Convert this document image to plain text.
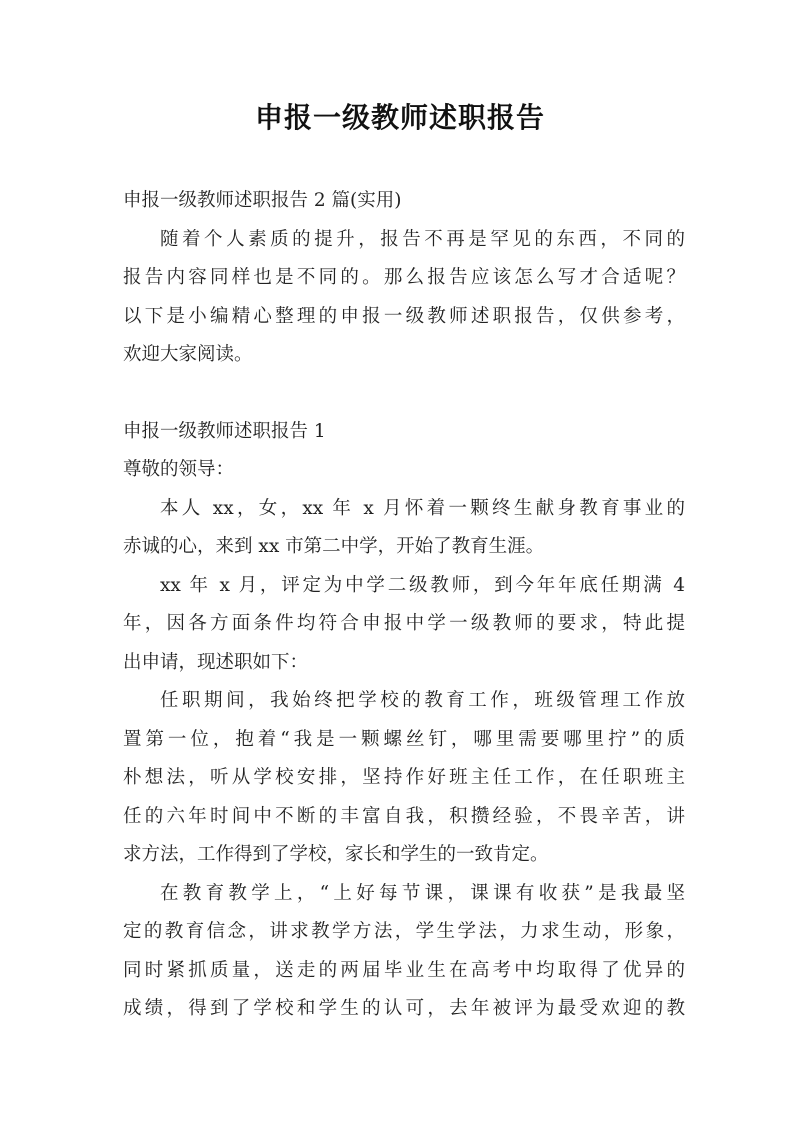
申报一级教师述职报告
申报一级教师述职报告 2 篇(实用)
随着个人素质的提升，报告不再是罕见的东西，不同的
报告内容同样也是不同的。那么报告应该怎么写才合适呢？
以下是小编精心整理的申报一级教师述职报告，仅供参考，
欢迎大家阅读。
申报一级教师述职报告 1
尊敬的领导：
本人 xx，女，xx 年 x 月怀着一颗终生献身教育事业的
赤诚的心，来到 xx 市第二中学，开始了教育生涯。
xx 年 x 月，评定为中学二级教师，到今年年底任期满 4
年，因各方面条件均符合申报中学一级教师的要求，特此提
出申请，现述职如下：
任职期间，我始终把学校的教育工作，班级管理工作放
置第一位，抱着“我是一颗螺丝钉，哪里需要哪里拧”的质
朴想法，听从学校安排，坚持作好班主任工作，在任职班主
任的六年时间中不断的丰富自我，积攒经验，不畏辛苦，讲
求方法，工作得到了学校，家长和学生的一致肯定。
在教育教学上，“上好每节课，课课有收获”是我最坚
定的教育信念，讲求教学方法，学生学法，力求生动，形象，
同时紧抓质量，送走的两届毕业生在高考中均取得了优异的
成绩，得到了学校和学生的认可，去年被评为最受欢迎的教
